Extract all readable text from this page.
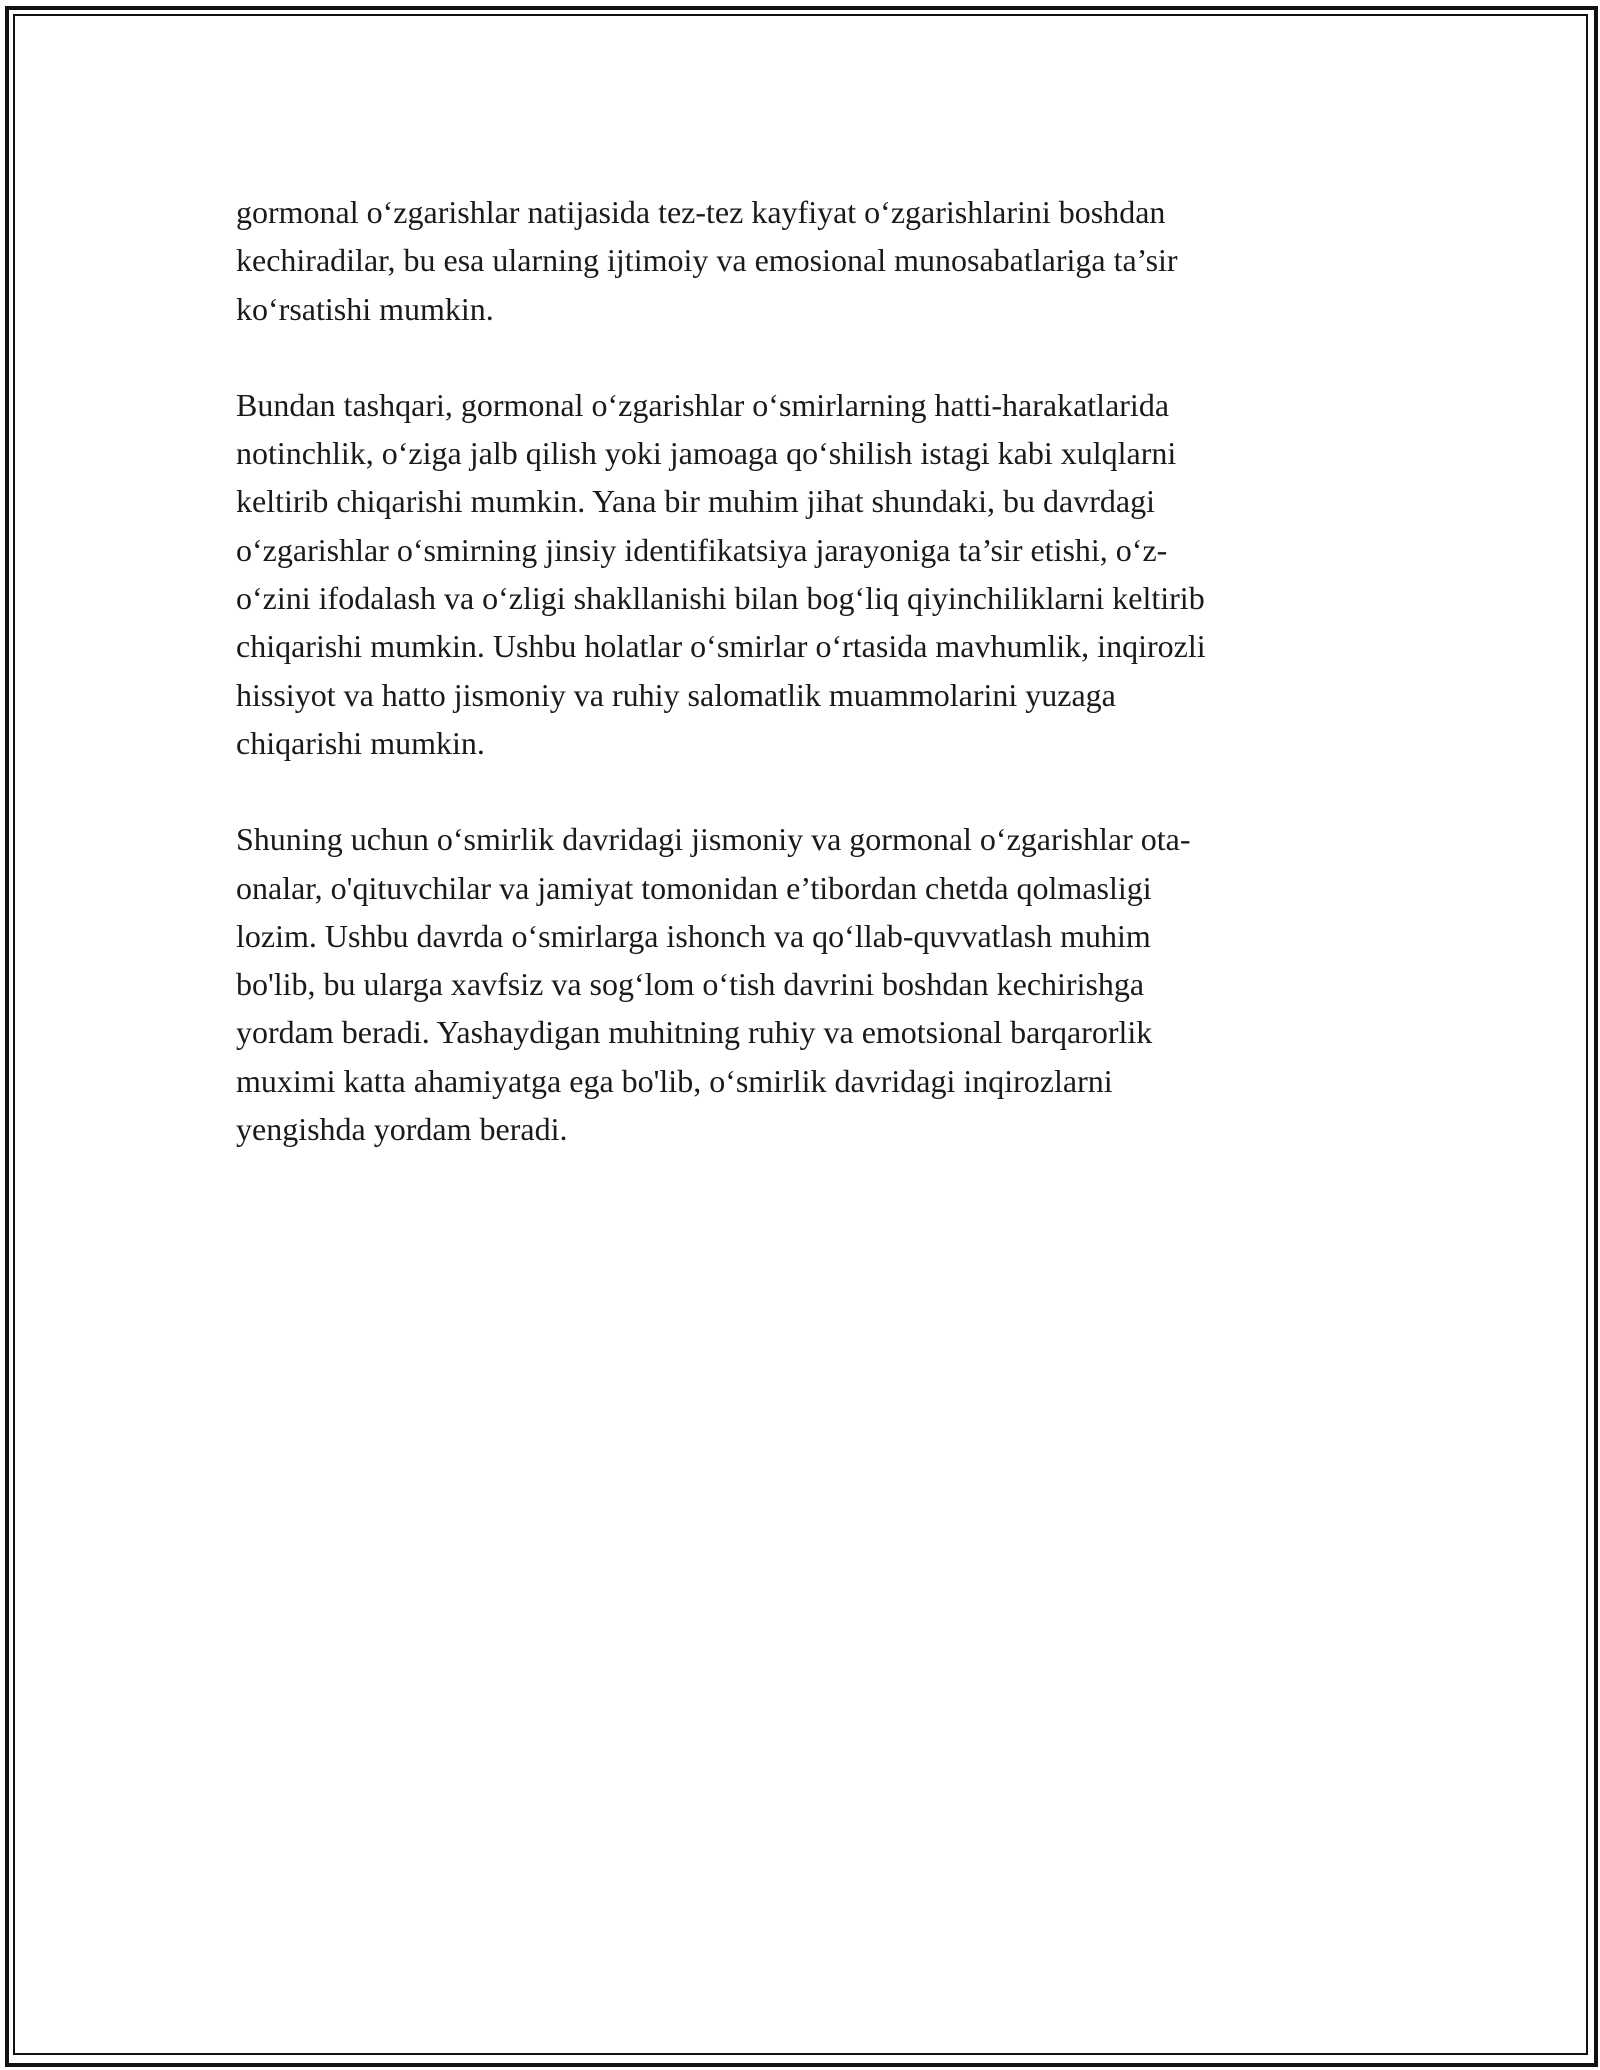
gormonal o‘zgarishlar natijasida tez-tez kayfiyat o‘zgarishlarini boshdan
kechiradilar, bu esa ularning ijtimoiy va emosional munosabatlariga ta’sir
ko‘rsatishi mumkin.

Bundan tashqari, gormonal o‘zgarishlar o‘smirlarning hatti-harakatlarida
notinchlik, o‘ziga jalb qilish yoki jamoaga qo‘shilish istagi kabi xulqlarni
keltirib chiqarishi mumkin. Yana bir muhim jihat shundaki, bu davrdagi
o‘zgarishlar o‘smirning jinsiy identifikatsiya jarayoniga ta’sir etishi, o‘z-
o‘zini ifodalash va o‘zligi shakllanishi bilan bog‘liq qiyinchiliklarni keltirib
chiqarishi mumkin. Ushbu holatlar o‘smirlar o‘rtasida mavhumlik, inqirozli
hissiyot va hatto jismoniy va ruhiy salomatlik muammolarini yuzaga
chiqarishi mumkin.

Shuning uchun o‘smirlik davridagi jismoniy va gormonal o‘zgarishlar ota-
onalar, o'qituvchilar va jamiyat tomonidan e’tibordan chetda qolmasligi
lozim. Ushbu davrda o‘smirlarga ishonch va qo‘llab-quvvatlash muhim
bo'lib, bu ularga xavfsiz va sog‘lom o‘tish davrini boshdan kechirishga
yordam beradi. Yashaydigan muhitning ruhiy va emotsional barqarorlik
muximi katta ahamiyatga ega bo'lib, o‘smirlik davridagi inqirozlarni
yengishda yordam beradi.
